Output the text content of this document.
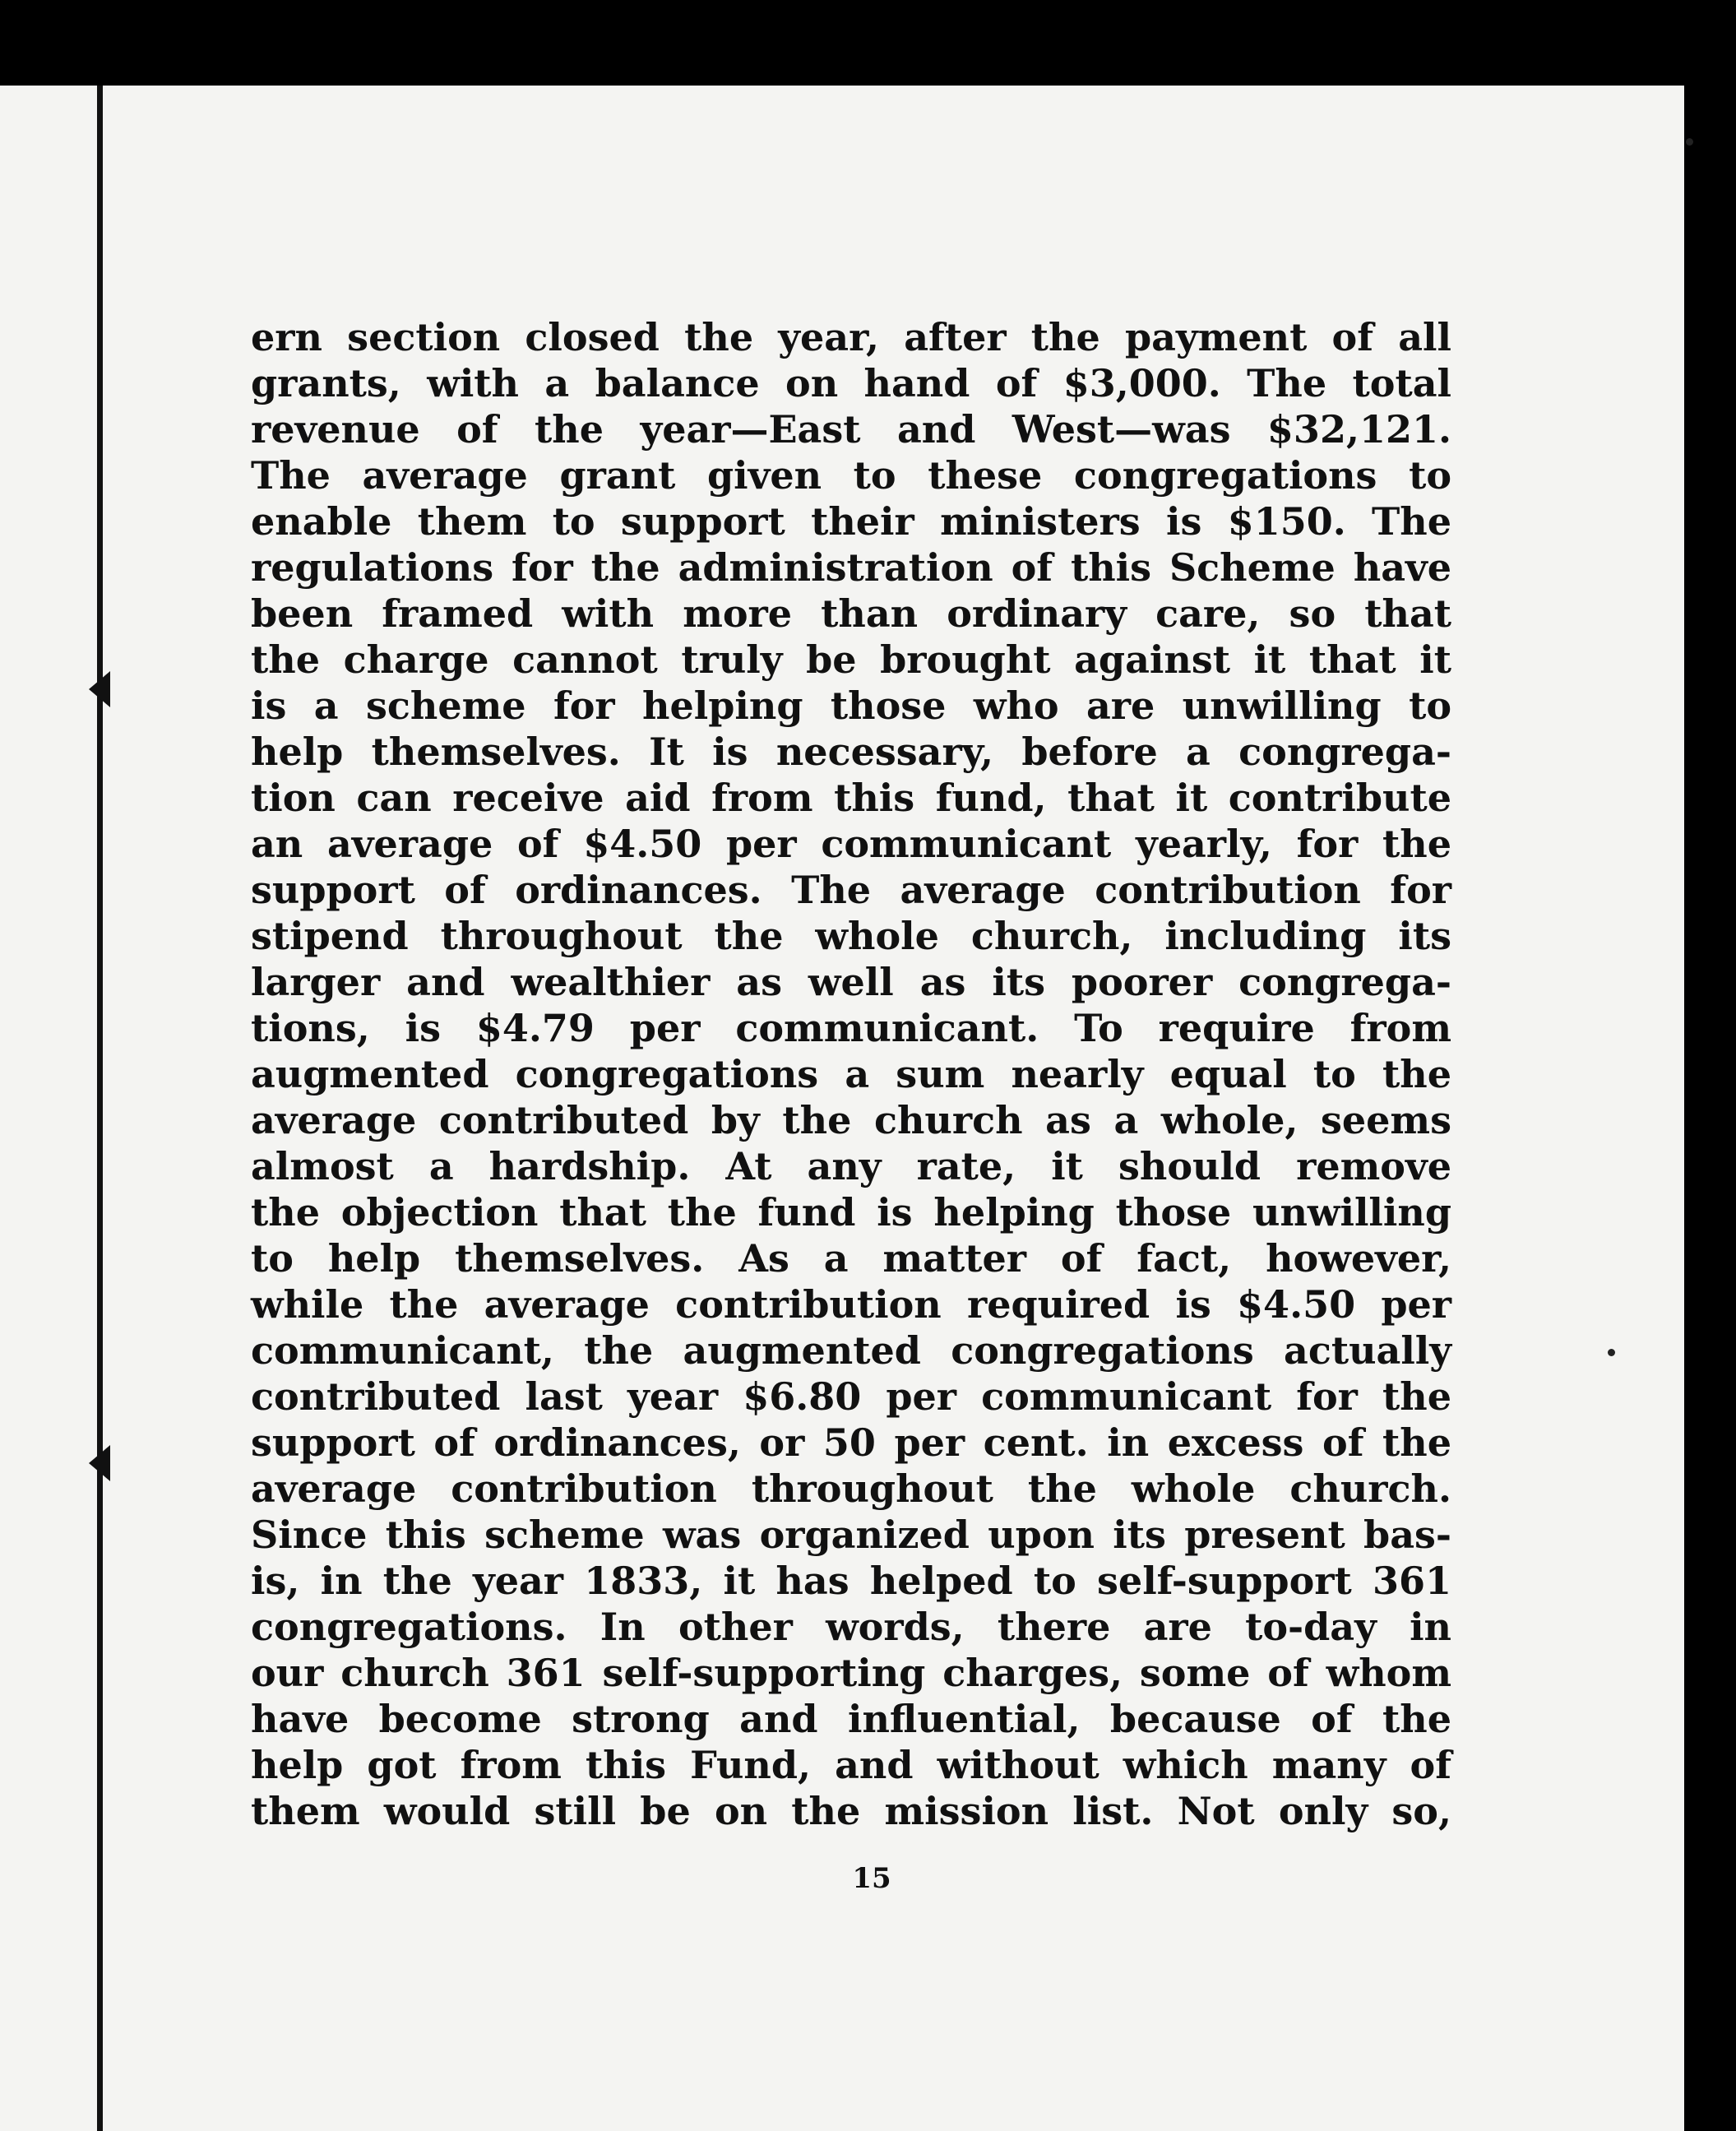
ern section closed the year, after the payment of all
grants, with a balance on hand of $3,000. The total
revenue of the year—East and West—was $32,121.
The average grant given to these congregations to
enable them to support their ministers is $150. The
regulations for the administration of this Scheme have
been framed with more than ordinary care, so that
the charge cannot truly be brought against it that it
is a scheme for helping those who are unwilling to
help themselves. It is necessary, before a congrega-
tion can receive aid from this fund, that it contribute
an average of $4.50 per communicant yearly, for the
support of ordinances. The average contribution for
stipend throughout the whole church, including its
larger and wealthier as well as its poorer congrega-
tions, is $4.79 per communicant. To require from
augmented congregations a sum nearly equal to the
average contributed by the church as a whole, seems
almost a hardship. At any rate, it should remove
the objection that the fund is helping those unwilling
to help themselves. As a matter of fact, however,
while the average contribution required is $4.50 per
communicant, the augmented congregations actually
contributed last year $6.80 per communicant for the
support of ordinances, or 50 per cent. in excess of the
average contribution throughout the whole church.
Since this scheme was organized upon its present bas-
is, in the year 1833, it has helped to self-support 361
congregations. In other words, there are to-day in
our church 361 self-supporting charges, some of whom
have become strong and influential, because of the
help got from this Fund, and without which many of
them would still be on the mission list. Not only so,
15
